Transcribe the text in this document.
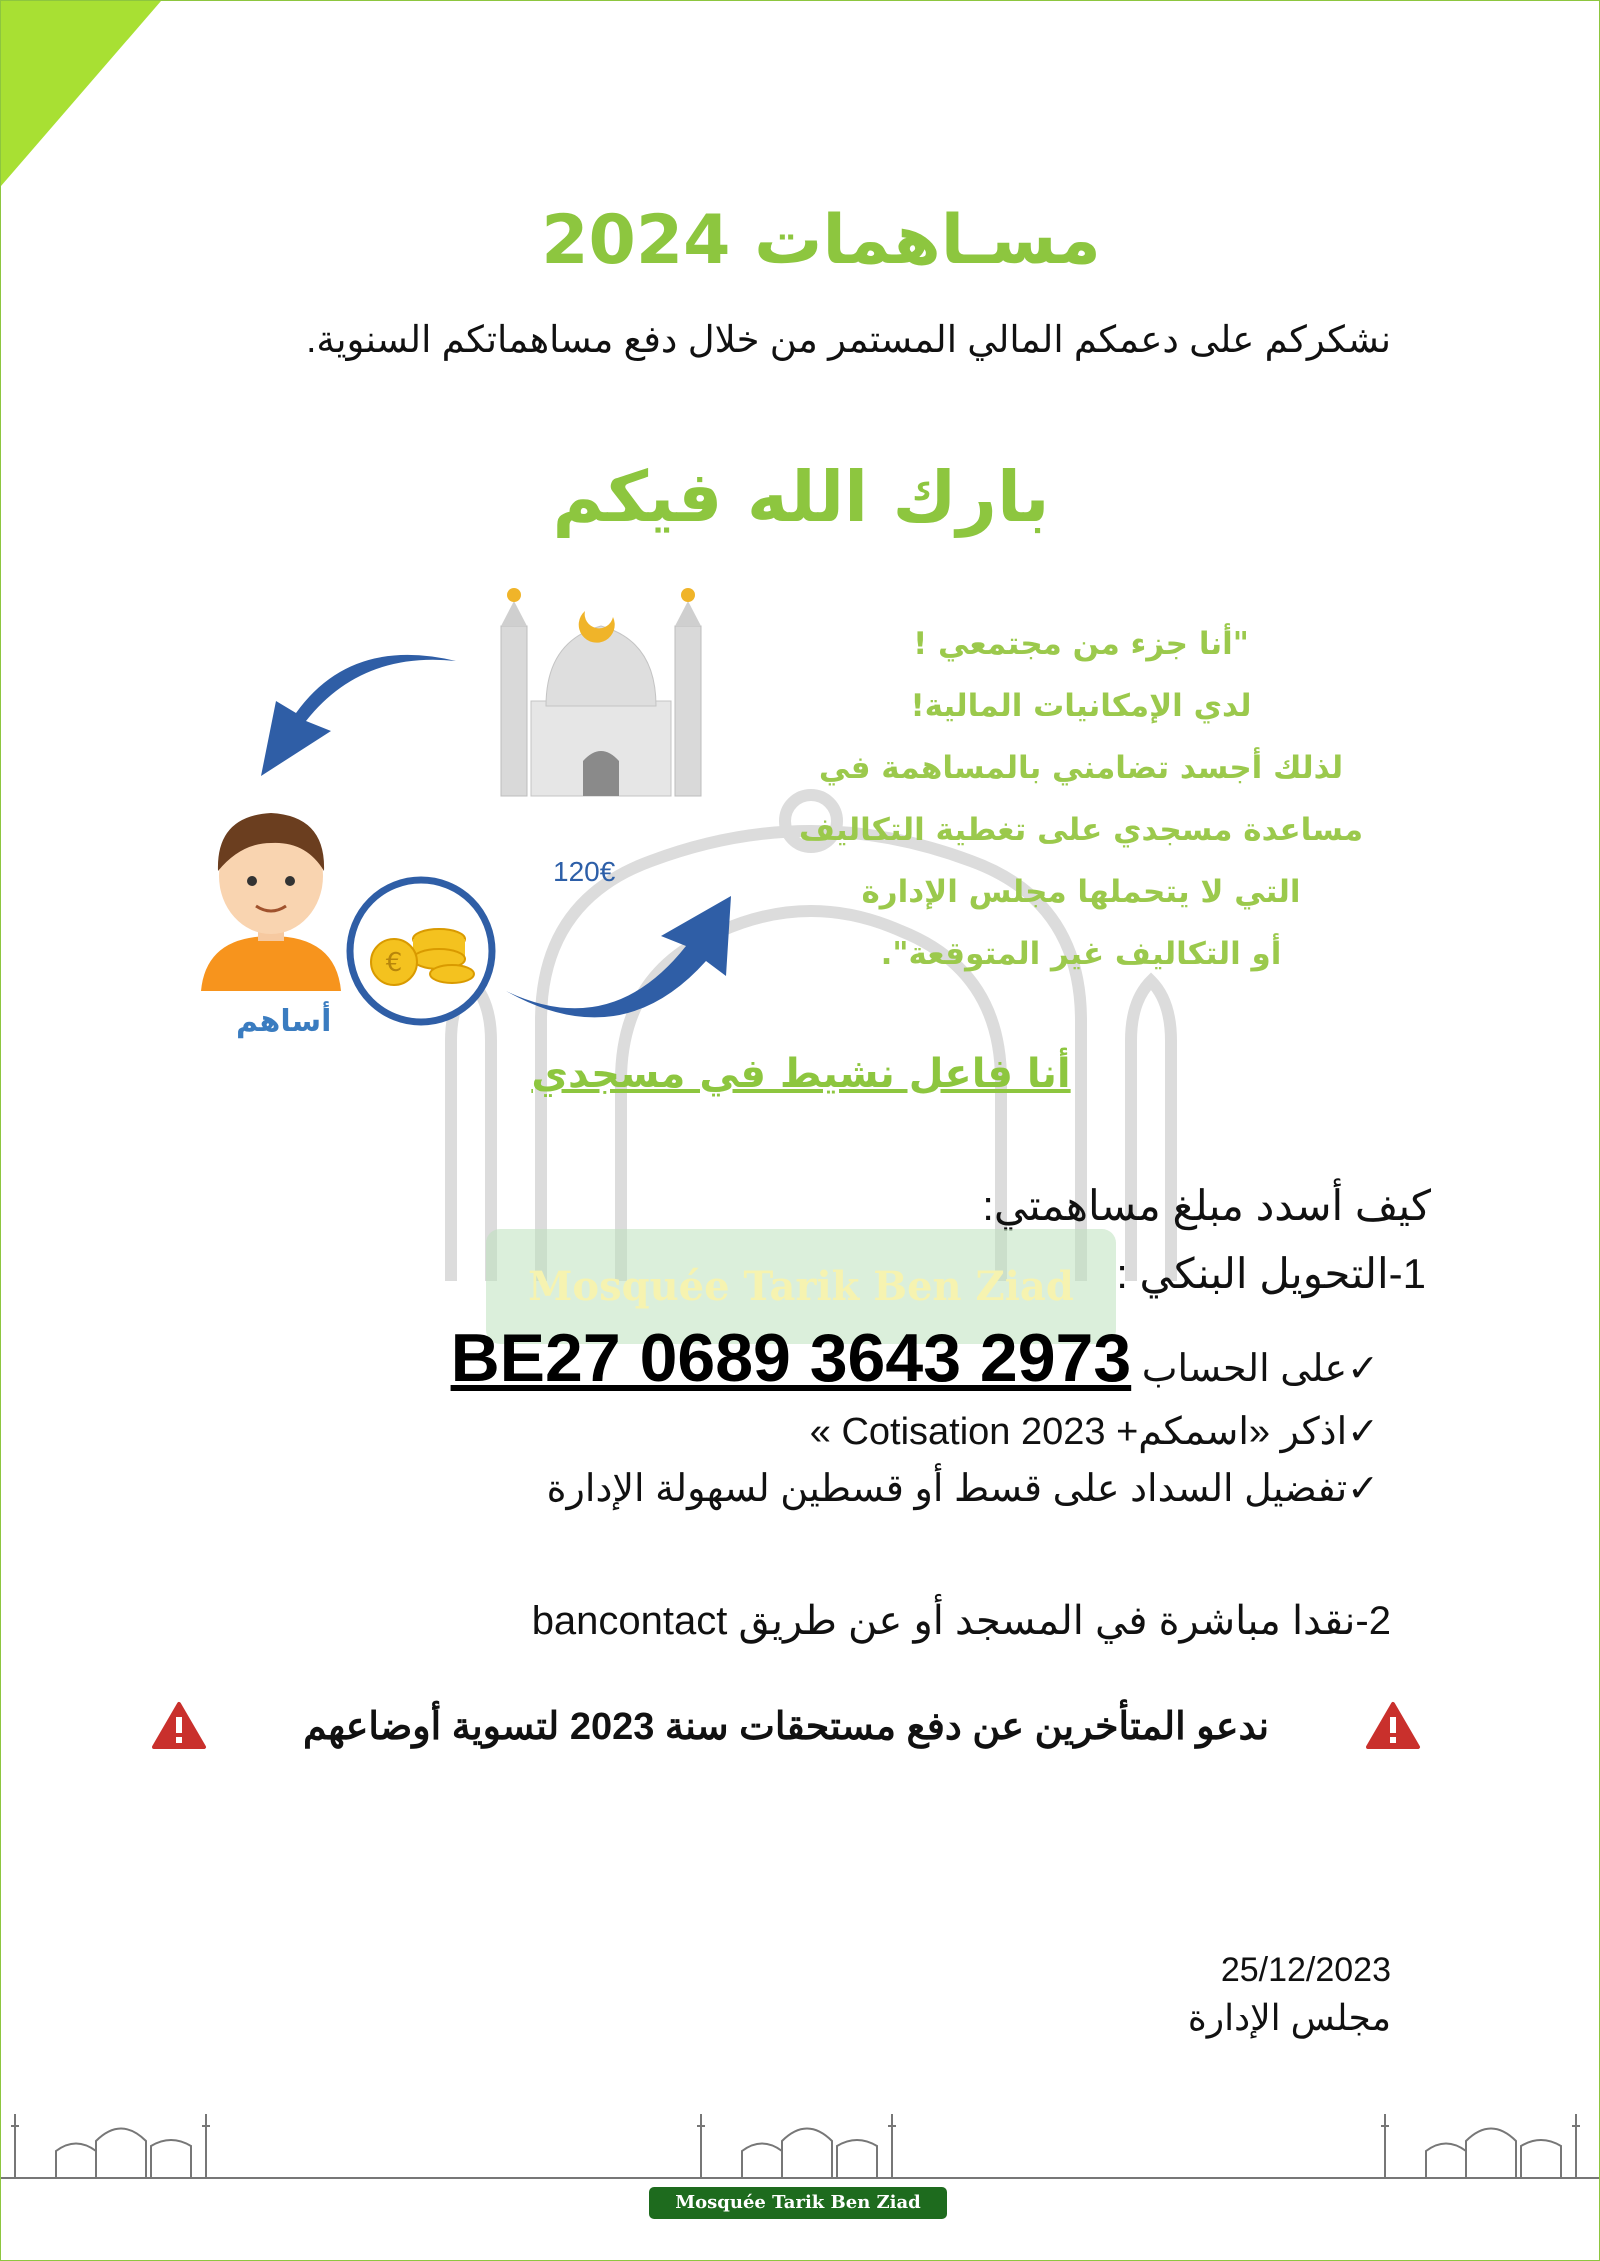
مسـاهمات 2024
نشكركم على دعمكم المالي المستمر من خلال دفع مساهماتكم السنوية.
بارك الله فيكم
120€
€
أساهم
"أنا جزء من مجتمعي !
لدي الإمكانيات المالية!
لذلك أجسد تضامني بالمساهمة في
مساعدة مسجدي على تغطية التكاليف
التي لا يتحملها مجلس الإدارة
أو التكاليف غير المتوقعة".
أنا فاعل نشيط في مسجدي
كيف أسدد مبلغ مساهمتي:
Mosquée Tarik Ben Ziad	1-التحويل البنكي :
✓على الحساب BE27 0689 3643 2973
✓اذكر «اسمكم+ Cotisation 2023 »
✓تفضيل السداد على قسط أو قسطين لسهولة الإدارة
2-نقدا مباشرة في المسجد أو عن طريق bancontact
ندعو المتأخرين عن دفع مستحقات سنة 2023 لتسوية أوضاعهم
25/12/2023
مجلس الإدارة
Mosquée Tarik Ben Ziad
